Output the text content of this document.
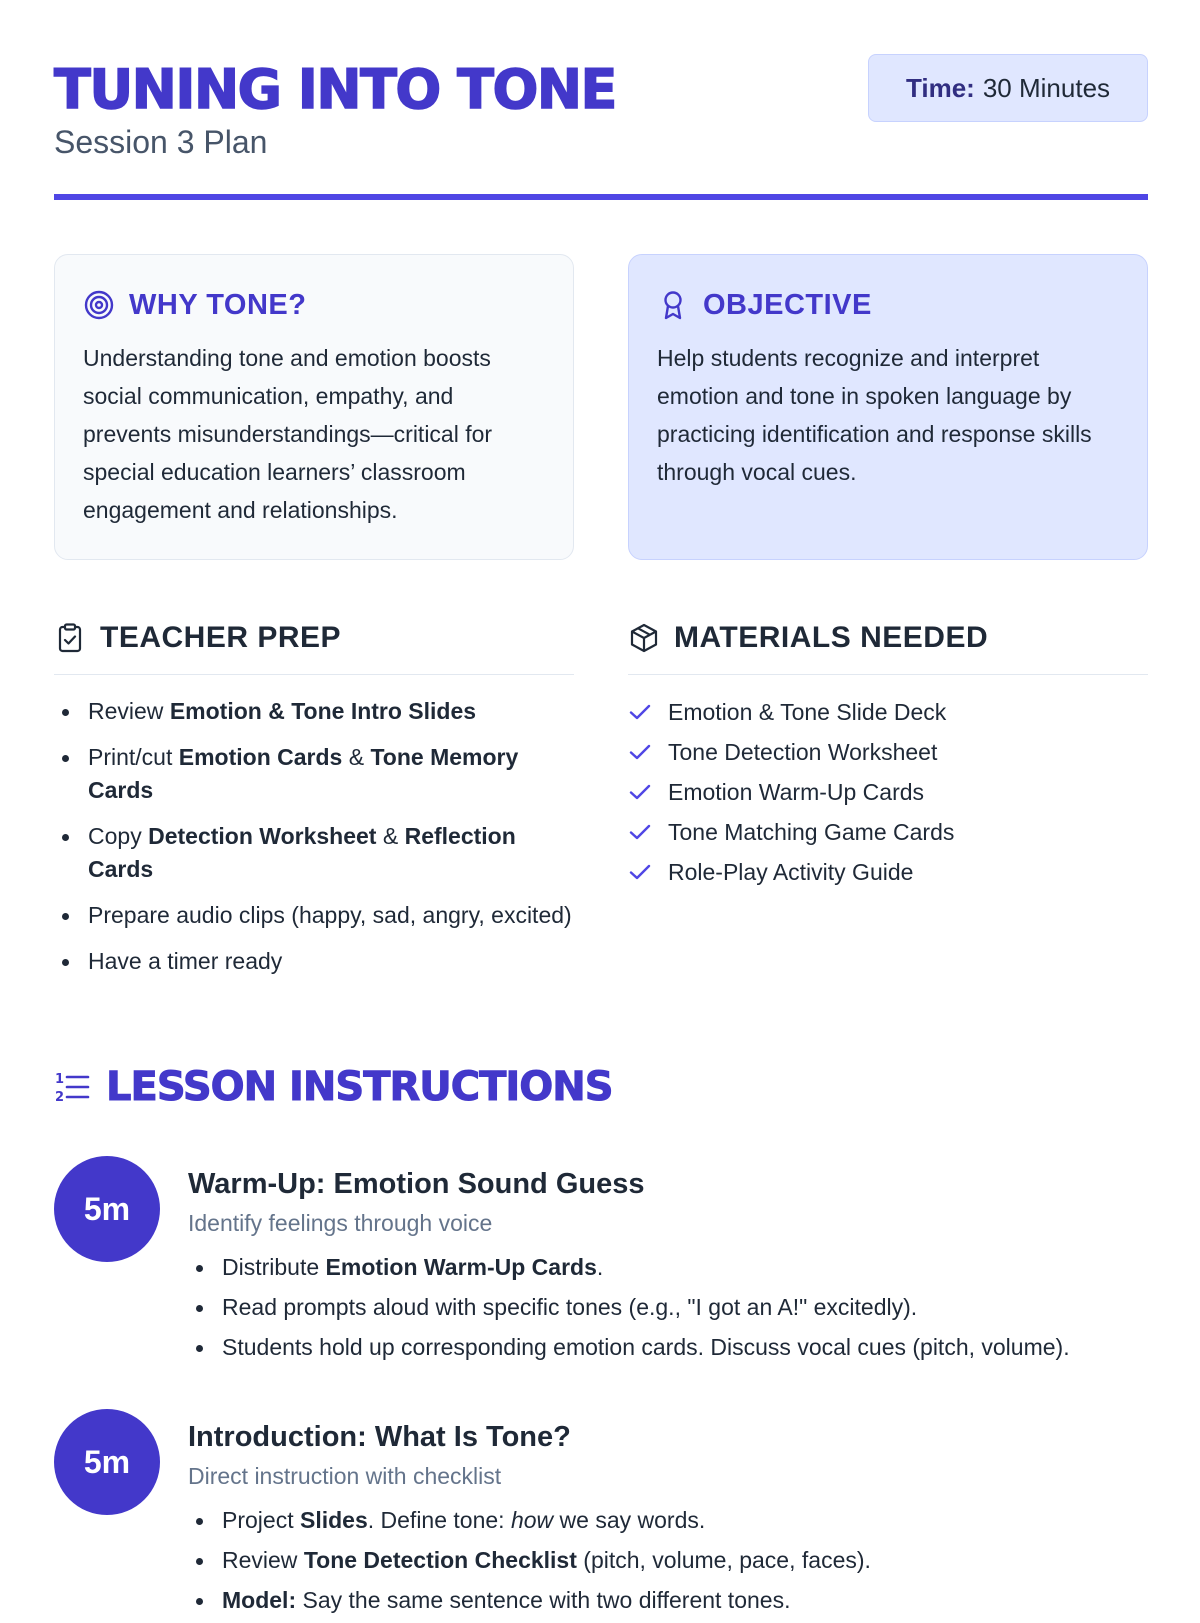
TUNING INTO TONE
Session 3 Plan
Time: 30 Minutes
WHY TONE?

Understanding tone and emotion boosts social communication, empathy, and prevents misunderstandings—critical for special education learners’ classroom engagement and relationships.

OBJECTIVE

Help students recognize and interpret emotion and tone in spoken language by practicing identification and response skills through vocal cues.

TEACHER PREP
Review Emotion & Tone Intro Slides
Print/cut Emotion Cards & Tone Memory Cards
Copy Detection Worksheet & Reflection Cards
Prepare audio clips (happy, sad, angry, excited)
Have a timer ready
MATERIALS NEEDED
Emotion & Tone Slide Deck
Tone Detection Worksheet
Emotion Warm-Up Cards
Tone Matching Game Cards
Role-Play Activity Guide
1
2 LESSON INSTRUCTIONS
5m
Warm-Up: Emotion Sound Guess
Identify feelings through voice
Distribute Emotion Warm-Up Cards.
Read prompts aloud with specific tones (e.g., "I got an A!" excitedly).
Students hold up corresponding emotion cards. Discuss vocal cues (pitch, volume).
5m
Introduction: What Is Tone?
Direct instruction with checklist
Project Slides. Define tone: how we say words.
Review Tone Detection Checklist (pitch, volume, pace, faces).
Model: Say the same sentence with two different tones.
